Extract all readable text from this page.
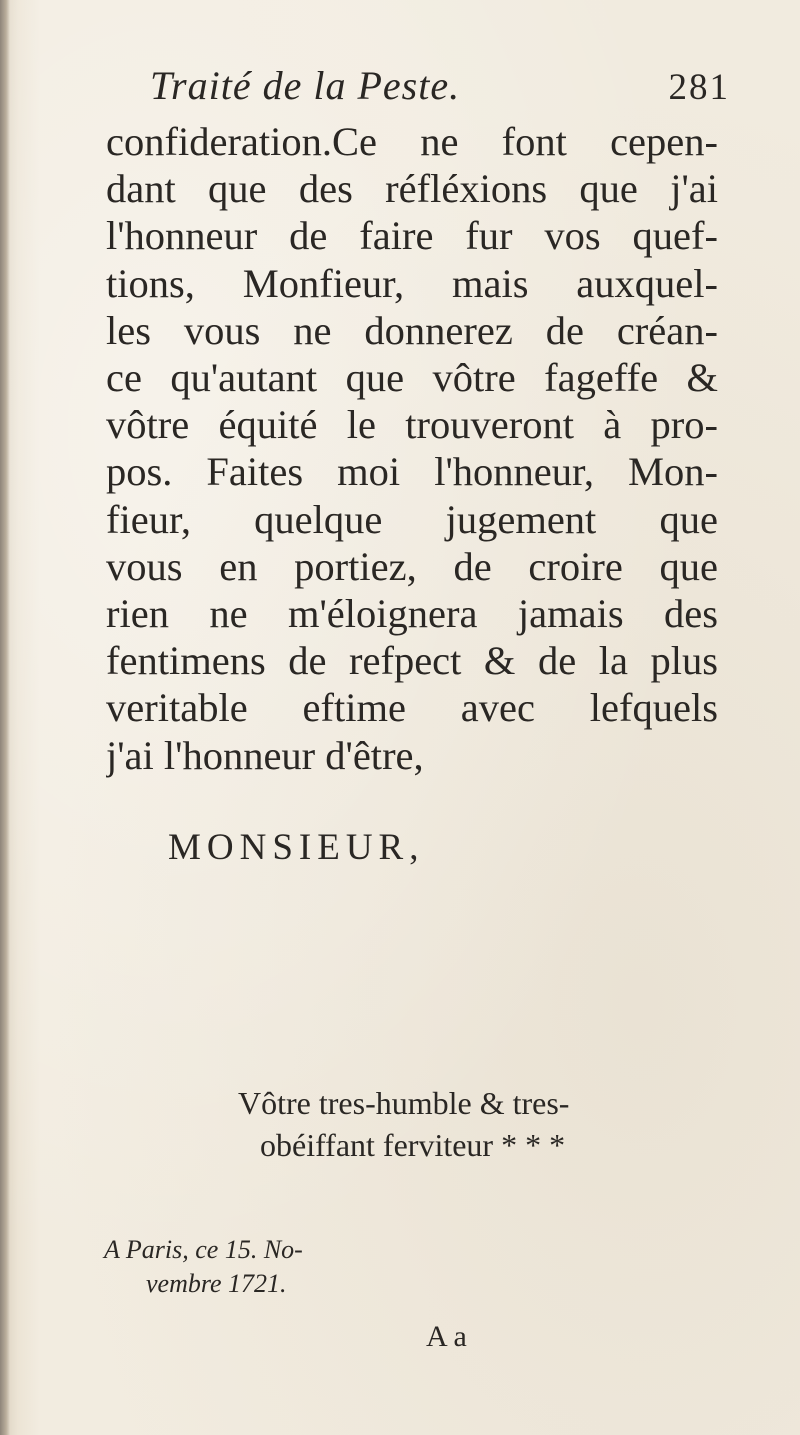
Traité de la Peste.	281
confideration.Ce ne font cepen-
dant que des réfléxions que j'ai
l'honneur de faire fur vos quef-
tions, Monfieur, mais auxquel-
les vous ne donnerez de créan-
ce qu'autant que vôtre fageffe &
vôtre équité le trouveront à pro-
pos. Faites moi l'honneur, Mon-
fieur, quelque jugement que
vous en portiez, de croire que
rien ne m'éloignera jamais des
fentimens de refpect & de la plus
veritable eftime avec lefquels
j'ai l'honneur d'être,
MONSIEUR,
Vôtre tres-humble & tres-
obéiffant ferviteur * * *
A Paris, ce 15. No-
vembre 1721.
A a
